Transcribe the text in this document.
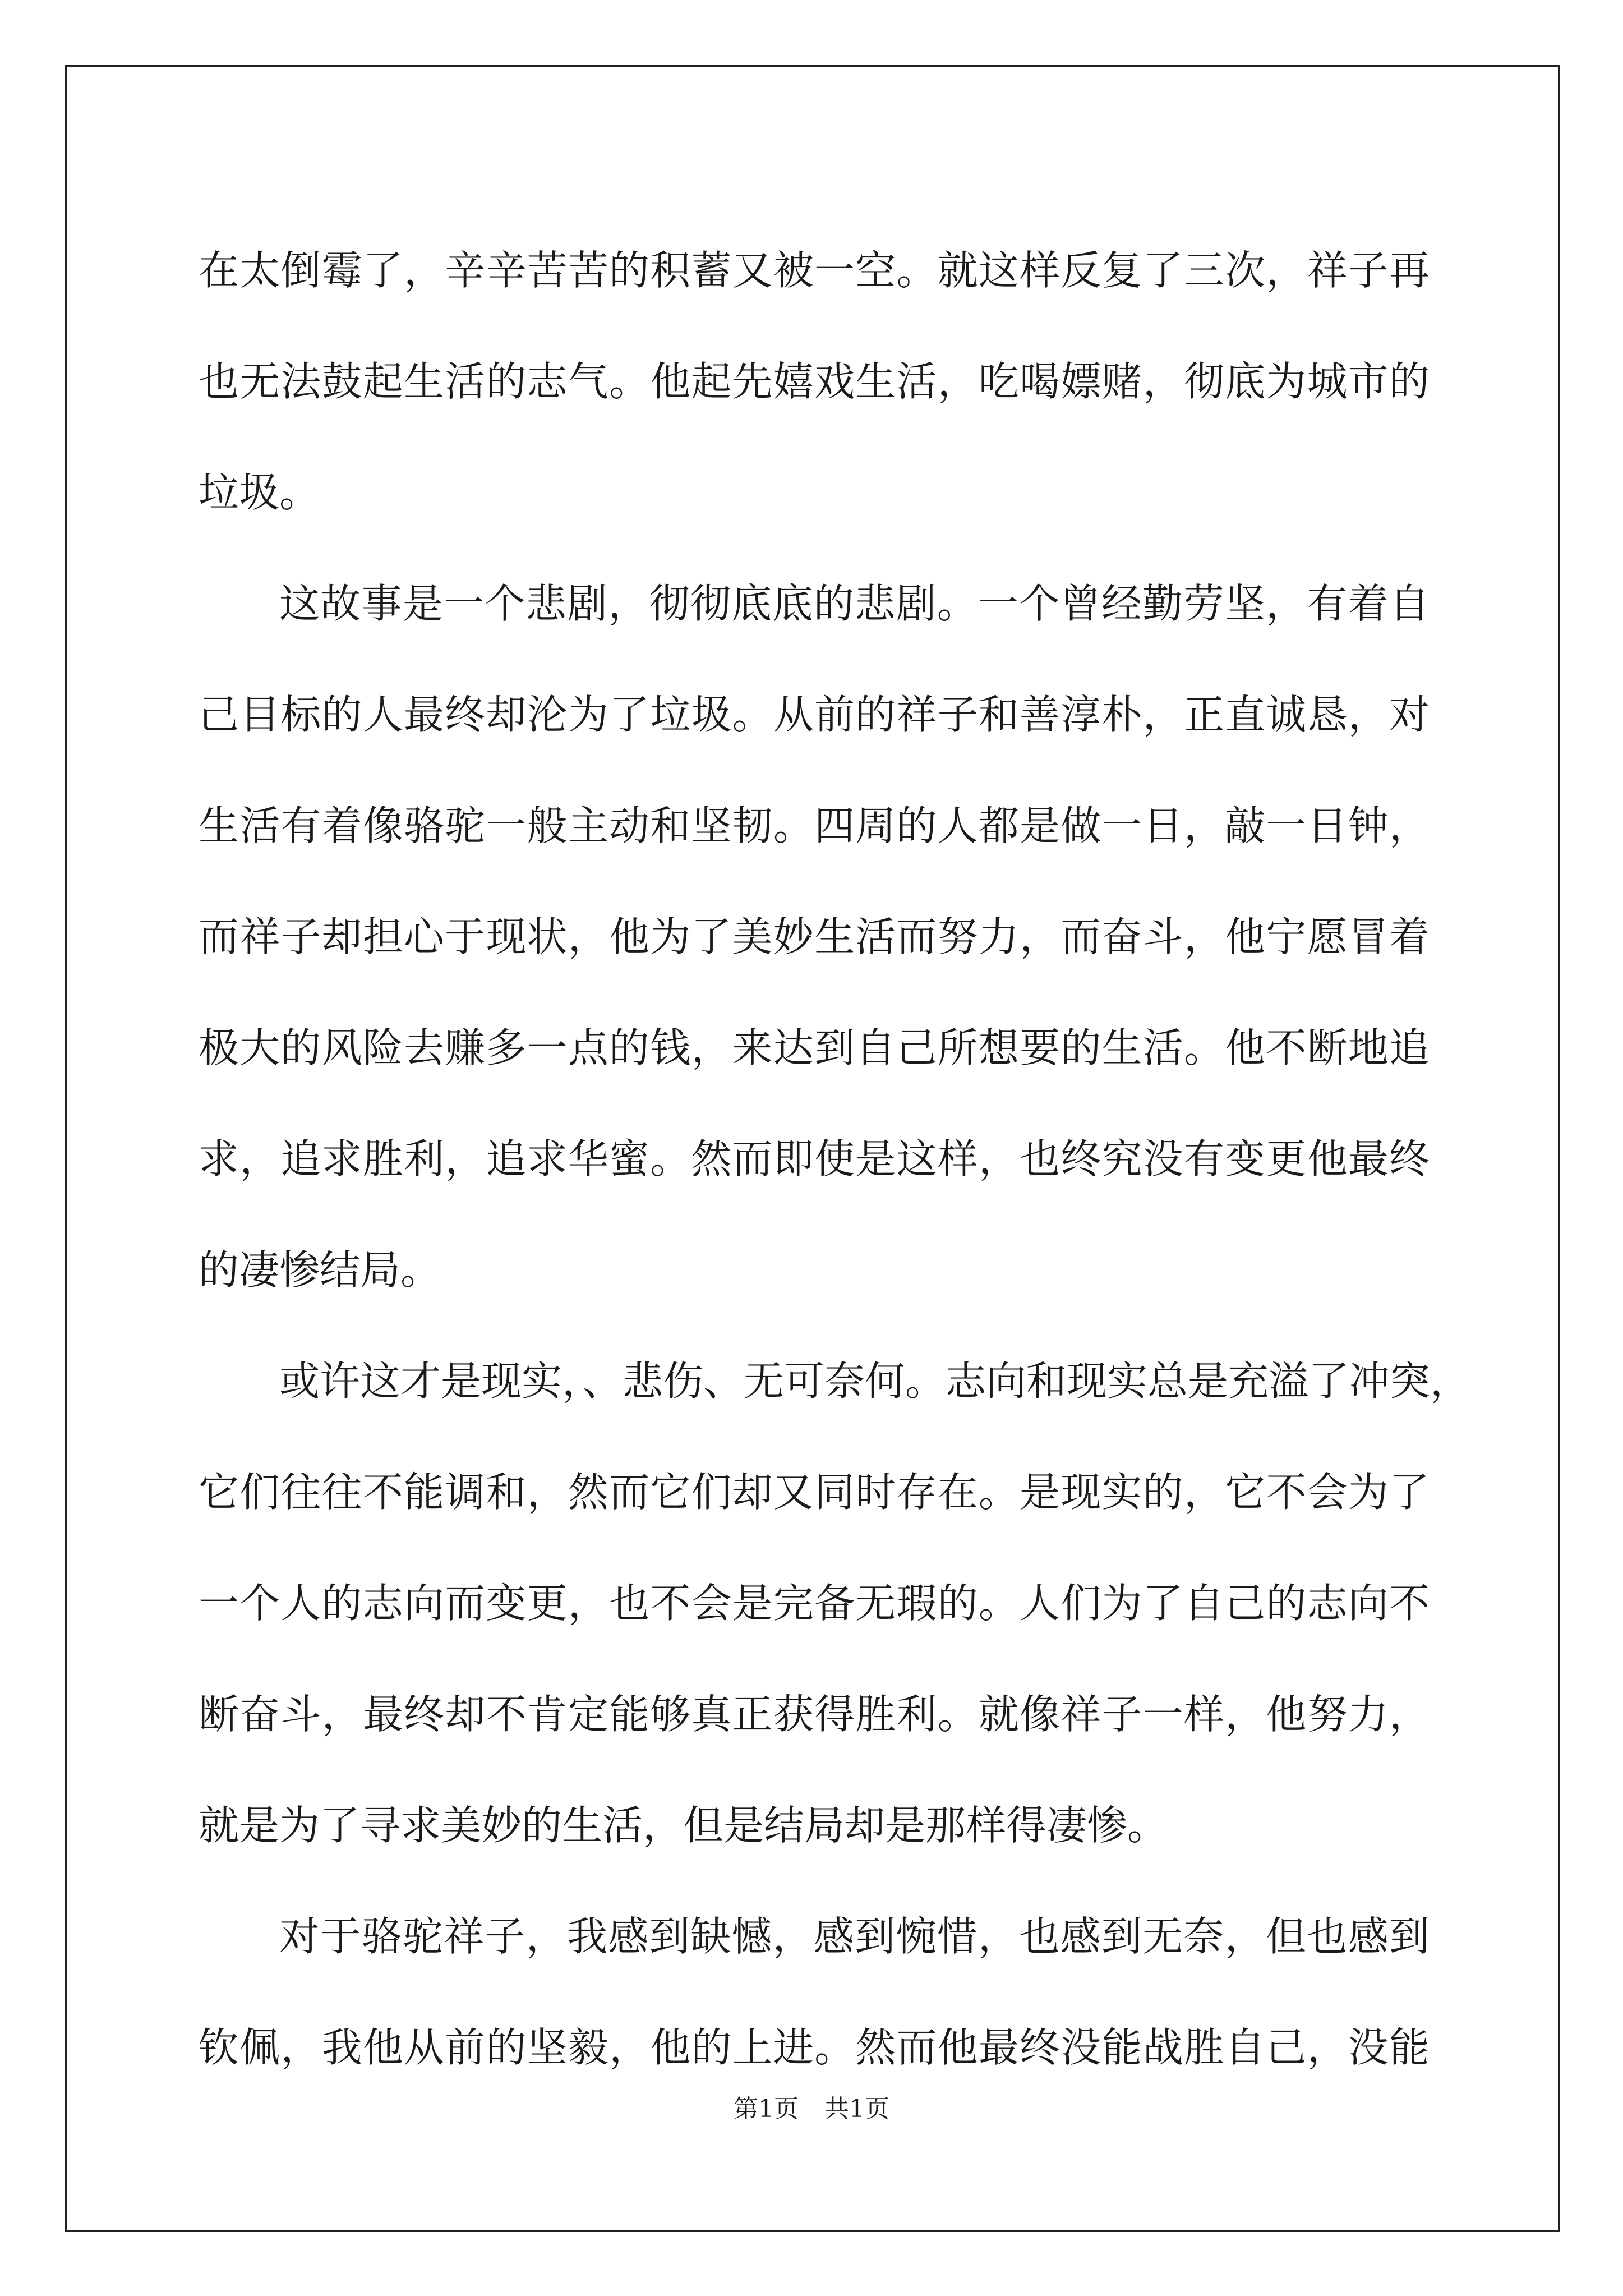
在太倒霉了，辛辛苦苦的积蓄又被一空。就这样反复了三次，祥子再
也无法鼓起生活的志气。他起先嬉戏生活，吃喝嫖赌，彻底为城市的
垃圾。
这故事是一个悲剧，彻彻底底的悲剧。一个曾经勤劳坚，有着自
己目标的人最终却沦为了垃圾。从前的祥子和善淳朴，正直诚恳，对
生活有着像骆驼一般主动和坚韧。四周的人都是做一日，敲一日钟，
而祥子却担心于现状，他为了美妙生活而努力，而奋斗，他宁愿冒着
极大的风险去赚多一点的钱，来达到自己所想要的生活。他不断地追
求，追求胜利，追求华蜜。然而即使是这样，也终究没有变更他最终
的凄惨结局。
或许这才是现实，、悲伤、无可奈何。志向和现实总是充溢了冲突，
它们往往不能调和，然而它们却又同时存在。是现实的，它不会为了
一个人的志向而变更，也不会是完备无瑕的。人们为了自己的志向不
断奋斗，最终却不肯定能够真正获得胜利。就像祥子一样，他努力，
就是为了寻求美妙的生活，但是结局却是那样得凄惨。
对于骆驼祥子，我感到缺憾，感到惋惜，也感到无奈，但也感到
钦佩，我他从前的坚毅，他的上进。然而他最终没能战胜自己，没能
第1页 共1页
